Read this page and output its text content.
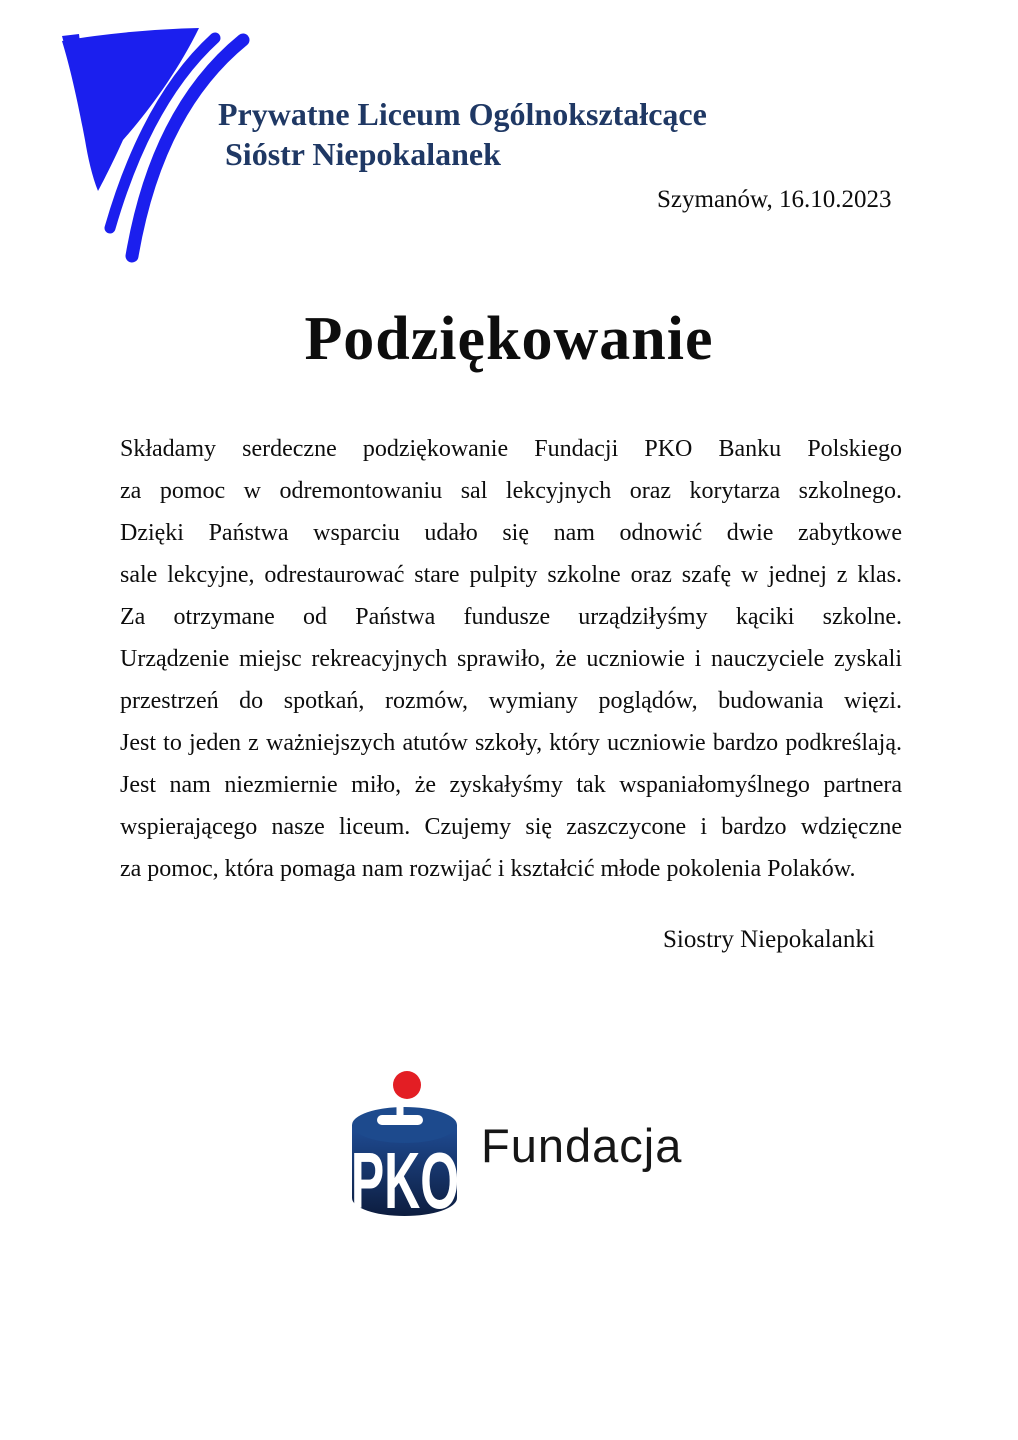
Prywatne Liceum Ogólnokształcące
Sióstr Niepokalanek
Szymanów, 16.10.2023
Podziękowanie
Składamy serdeczne podziękowanie Fundacji PKO Banku Polskiego
za pomoc w odremontowaniu sal lekcyjnych oraz korytarza szkolnego.
Dzięki Państwa wsparciu udało się nam odnowić dwie zabytkowe
sale lekcyjne, odrestaurować stare pulpity szkolne oraz szafę w jednej z klas.
Za otrzymane od Państwa fundusze urządziłyśmy kąciki szkolne.
Urządzenie miejsc rekreacyjnych sprawiło, że uczniowie i nauczyciele zyskali
przestrzeń do spotkań, rozmów, wymiany poglądów, budowania więzi.
Jest to jeden z ważniejszych atutów szkoły, który uczniowie bardzo podkreślają.
Jest nam niezmiernie miło, że zyskałyśmy tak wspaniałomyślnego partnera
wspierającego nasze liceum. Czujemy się zaszczycone i bardzo wdzięczne
za pomoc, która pomaga nam rozwijać i kształcić młode pokolenia Polaków.
Siostry Niepokalanki
PKO Fundacja
